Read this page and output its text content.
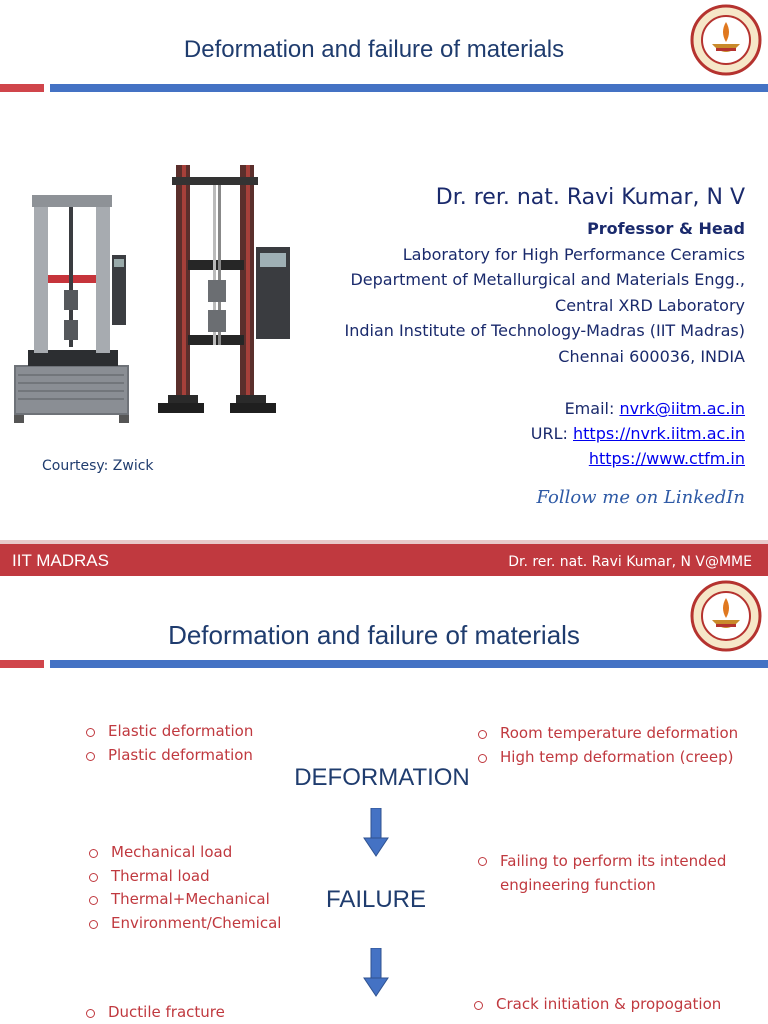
Deformation and failure of materials
Courtesy: Zwick
Dr. rer. nat. Ravi Kumar, N V
Professor & Head
Laboratory for High Performance Ceramics
Department of Metallurgical and Materials Engg.,
Central XRD Laboratory
Indian Institute of Technology-Madras (IIT Madras)
Chennai 600036, INDIA
Email: nvrk@iitm.ac.in
URL: https://nvrk.iitm.ac.in
https://www.ctfm.in
Follow me on LinkedIn
IIT MADRAS	Dr. rer. nat. Ravi Kumar, N V@MME
Deformation and failure of materials
Elastic deformation
Plastic deformation
Room temperature deformation
High temp deformation (creep)
DEFORMATION
Mechanical load
Thermal load
Thermal+Mechanical
Environment/Chemical
Failing to perform its intended engineering function
FAILURE
Ductile fracture	Crack initiation & propogation
